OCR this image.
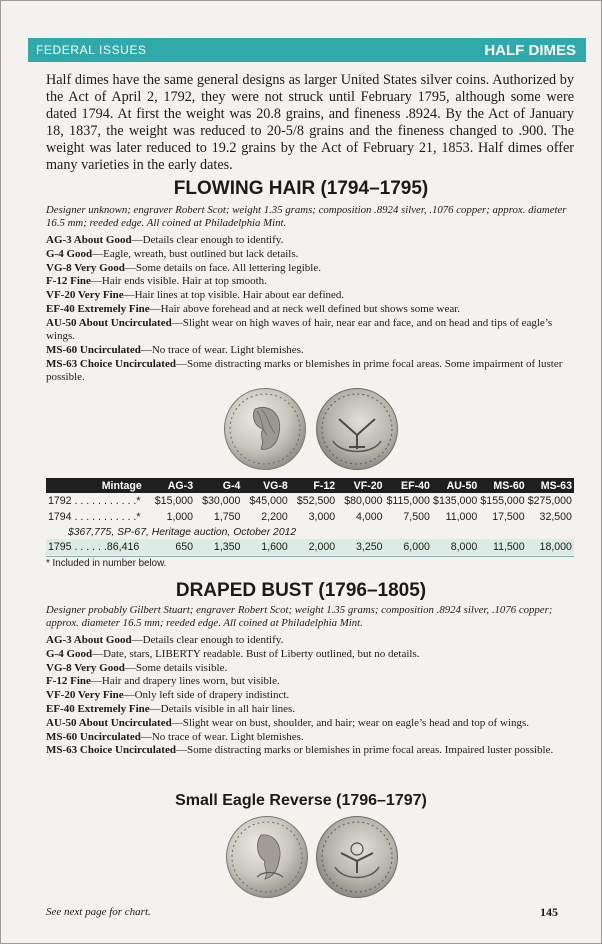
FEDERAL ISSUES	HALF DIMES
Half dimes have the same general designs as larger United States silver coins. Authorized by the Act of April 2, 1792, they were not struck until February 1795, although some were dated 1794. At first the weight was 20.8 grains, and fineness .8924. By the Act of January 18, 1837, the weight was reduced to 20-5/8 grains and the fineness changed to .900. The weight was later reduced to 19.2 grains by the Act of February 21, 1853. Half dimes offer many varieties in the early dates.
FLOWING HAIR (1794–1795)
Designer unknown; engraver Robert Scot; weight 1.35 grams; composition .8924 silver, .1076 copper; approx. diameter 16.5 mm; reeded edge. All coined at Philadelphia Mint.
AG-3 About Good—Details clear enough to identify.
G-4 Good—Eagle, wreath, bust outlined but lack details.
VG-8 Very Good—Some details on face. All lettering legible.
F-12 Fine—Hair ends visible. Hair at top smooth.
VF-20 Very Fine—Hair lines at top visible. Hair about ear defined.
EF-40 Extremely Fine—Hair above forehead and at neck well defined but shows some wear.
AU-50 About Uncirculated—Slight wear on high waves of hair, near ear and face, and on head and tips of eagle’s wings.
MS-60 Uncirculated—No trace of wear. Light blemishes.
MS-63 Choice Uncirculated—Some distracting marks or blemishes in prime focal areas. Some impairment of luster possible.
Mintage	AG-3	G-4	VG-8	F-12	VF-20	EF-40	AU-50	MS-60	MS-63
1792 . . . . . . . . . . .*	$15,000 $30,000 $45,000 $52,500 $80,000 $115,000 $135,000 $155,000 $275,000
1794 . . . . . . . . . . .*	1,000	1,750	2,200	3,000	4,000	7,500	11,000	17,500	32,500
$367,775, SP-67, Heritage auction, October 2012
1795 . . . . . .86,416	650	1,350	1,600	2,000	3,250	6,000	8,000	11,500	18,000
* Included in number below.
DRAPED BUST (1796–1805)
Designer probably Gilbert Stuart; engraver Robert Scot; weight 1.35 grams; composition .8924 silver, .1076 copper; approx. diameter 16.5 mm; reeded edge. All coined at Philadelphia Mint.
AG-3 About Good—Details clear enough to identify.
G-4 Good—Date, stars, LIBERTY readable. Bust of Liberty outlined, but no details.
VG-8 Very Good—Some details visible.
F-12 Fine—Hair and drapery lines worn, but visible.
VF-20 Very Fine—Only left side of drapery indistinct.
EF-40 Extremely Fine—Details visible in all hair lines.
AU-50 About Uncirculated—Slight wear on bust, shoulder, and hair; wear on eagle’s head and top of wings.
MS-60 Uncirculated—No trace of wear. Light blemishes.
MS-63 Choice Uncirculated—Some distracting marks or blemishes in prime focal areas. Impaired luster possible.
Small Eagle Reverse (1796–1797)
See next page for chart.	145
